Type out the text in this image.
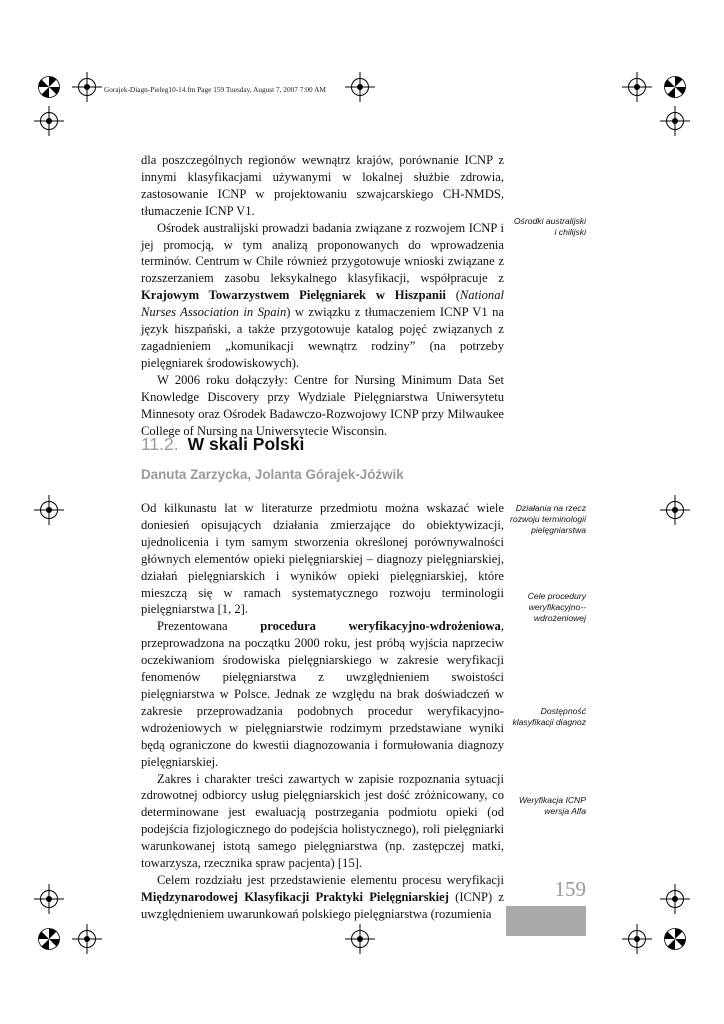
Gorajek-Diagn-Pieleg10-14.fm Page 159 Tuesday, August 7, 2007 7:00 AM

dla poszczególnych regionów wewnątrz krajów, porównanie ICNP z innymi klasyfikacjami używanymi w lokalnej służbie zdrowia, zastosowanie ICNP w projektowaniu szwajcarskiego CH-NMDS, tłumaczenie ICNP V1.

Ośrodek australijski prowadzi badania związane z rozwojem ICNP i jej promocją, w tym analizą proponowanych do wprowadzenia terminów. Centrum w Chile również przygotowuje wnioski związane z rozszerzaniem zasobu leksykalnego klasyfikacji, współpracuje z Krajowym Towarzystwem Pielęgniarek w Hiszpanii (National Nurses Association in Spain) w związku z tłumaczeniem ICNP V1 na język hiszpański, a także przygotowuje katalog pojęć związanych z zagadnieniem „komunikacji wewnątrz rodziny” (na potrzeby pielęgniarek środowiskowych).

W 2006 roku dołączyły: Centre for Nursing Minimum Data Set Knowledge Discovery przy Wydziale Pielęgniarstwa Uniwersytetu Minnesoty oraz Ośrodek Badawczo-Rozwojowy ICNP przy Milwaukee College of Nursing na Uniwersytecie Wisconsin.

11.2. W skali Polski
Danuta Zarzycka, Jolanta Górajek-Jóźwik

Od kilkunastu lat w literaturze przedmiotu można wskazać wiele doniesień opisujących działania zmierzające do obiektywizacji, ujednolicenia i tym samym stworzenia określonej porównywalności głównych elementów opieki pielęgniarskiej – diagnozy pielęgniarskiej, działań pielęgniarskich i wyników opieki pielęgniarskiej, które mieszczą się w ramach systematycznego rozwoju terminologii pielęgniarstwa [1, 2].

Prezentowana procedura weryfikacyjno-wdrożeniowa, przeprowadzona na początku 2000 roku, jest próbą wyjścia naprzeciw oczekiwaniom środowiska pielęgniarskiego w zakresie weryfikacji fenomenów pielęgniarstwa z uwzględnieniem swoistości pielęgniarstwa w Polsce. Jednak ze względu na brak doświadczeń w zakresie przeprowadzania podobnych procedur weryfikacyjno-wdrożeniowych w pielęgniarstwie rodzimym przedstawiane wyniki będą ograniczone do kwestii diagnozowania i formułowania diagnozy pielęgniarskiej.

Zakres i charakter treści zawartych w zapisie rozpoznania sytuacji zdrowotnej odbiorcy usług pielęgniarskich jest dość zróżnicowany, co determinowane jest ewaluacją postrzegania podmiotu opieki (od podejścia fizjologicznego do podejścia holistycznego), roli pielęgniarki warunkowanej istotą samego pielęgniarstwa (np. zastępczej matki, towarzysza, rzecznika spraw pacjenta) [15].

Celem rozdziału jest przedstawienie elementu procesu weryfikacji Międzynarodowej Klasyfikacji Praktyki Pielęgniarskiej (ICNP) z uwzględnieniem uwarunkowań polskiego pielęgniarstwa (rozumienia

Ośrodki australijski i chilijski
Działania na rzecz rozwoju terminologii pielęgniarstwa
Cele procedury weryfikacyjno--wdrożeniowej
Dostępność klasyfikacji diagnoz
Weryfikacja ICNP wersja Alfa
159
